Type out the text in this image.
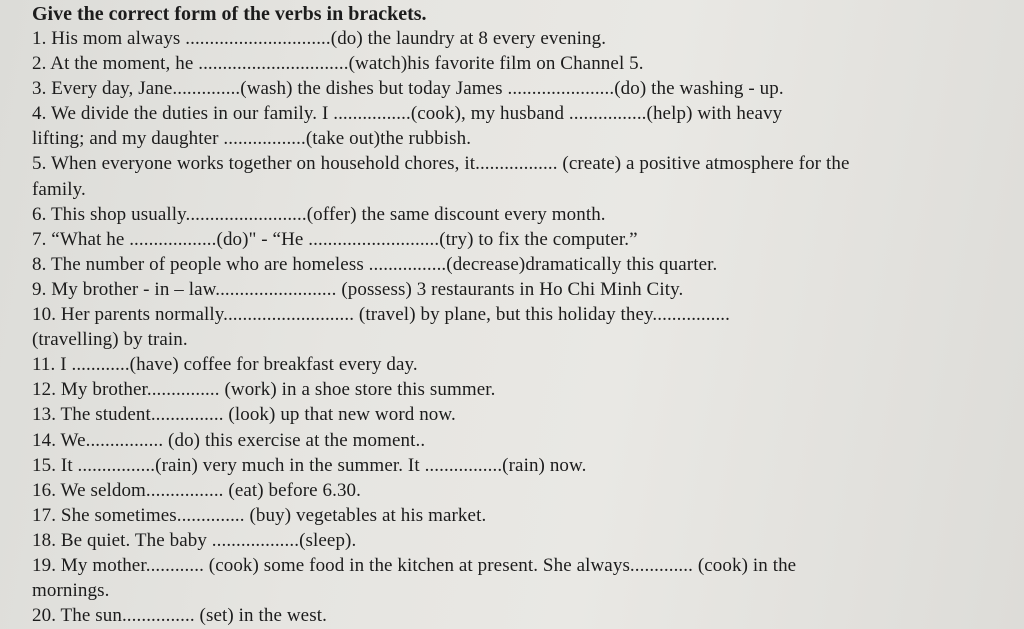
Give the correct form of the verbs in brackets.
1. His mom always ..............................(do) the laundry at 8 every evening.
2. At the moment, he ...............................(watch)his favorite film on Channel 5.
3. Every day, Jane..............(wash) the dishes but today James ......................(do) the washing - up.
4. We divide the duties in our family. I ................(cook), my husband ................(help) with heavy
lifting; and my daughter .................(take out)the rubbish.
5. When everyone works together on household chores, it................. (create) a positive atmosphere for the
family.
6. This shop usually.........................(offer) the same discount every month.
7. “What he ..................(do)" - “He ...........................(try) to fix the computer.”
8. The number of people who are homeless ................(decrease)dramatically this quarter.
9. My brother - in – law......................... (possess) 3 restaurants in Ho Chi Minh City.
10. Her parents normally........................... (travel) by plane, but this holiday they................
(travelling) by train.
11. I ............(have) coffee for breakfast every day.
12. My brother............... (work) in a shoe store this summer.
13. The student............... (look) up that new word now.
14. We................ (do) this exercise at the moment..
15. It ................(rain) very much in the summer. It ................(rain) now.
16. We seldom................ (eat) before 6.30.
17. She sometimes.............. (buy) vegetables at his market.
18. Be quiet. The baby ..................(sleep).
19. My mother............ (cook) some food in the kitchen at present. She always............. (cook) in the
mornings.
20. The sun............... (set) in the west.
